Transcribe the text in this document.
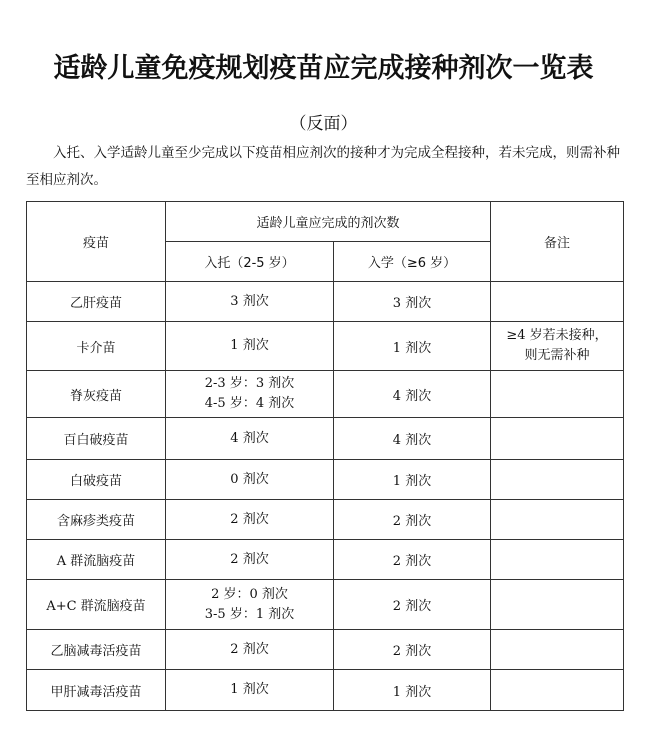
适龄儿童免疫规划疫苗应完成接种剂次一览表
（反面）
入托、入学适龄儿童至少完成以下疫苗相应剂次的接种才为完成全程接种，若未完成，则需补种至相应剂次。
疫苗	适龄儿童应完成的剂次数		备注
	入托（2-5 岁）	入学（≥6 岁）	
乙肝疫苗	3 剂次	3 剂次	
卡介苗	1 剂次	1 剂次	≥4 岁若未接种，
则无需补种

脊灰疫苗	2-3 岁：3 剂次
4-5 岁：4 剂次	4 剂次	
百白破疫苗	4 剂次	4 剂次	
白破疫苗	0 剂次	1 剂次	
含麻疹类疫苗	2 剂次	2 剂次	
A 群流脑疫苗	2 剂次	2 剂次	
A+C 群流脑疫苗	2 岁：0 剂次
3-5 岁：1 剂次	2 剂次	
乙脑减毒活疫苗	2 剂次	2 剂次	
甲肝减毒活疫苗	1 剂次	1 剂次	
